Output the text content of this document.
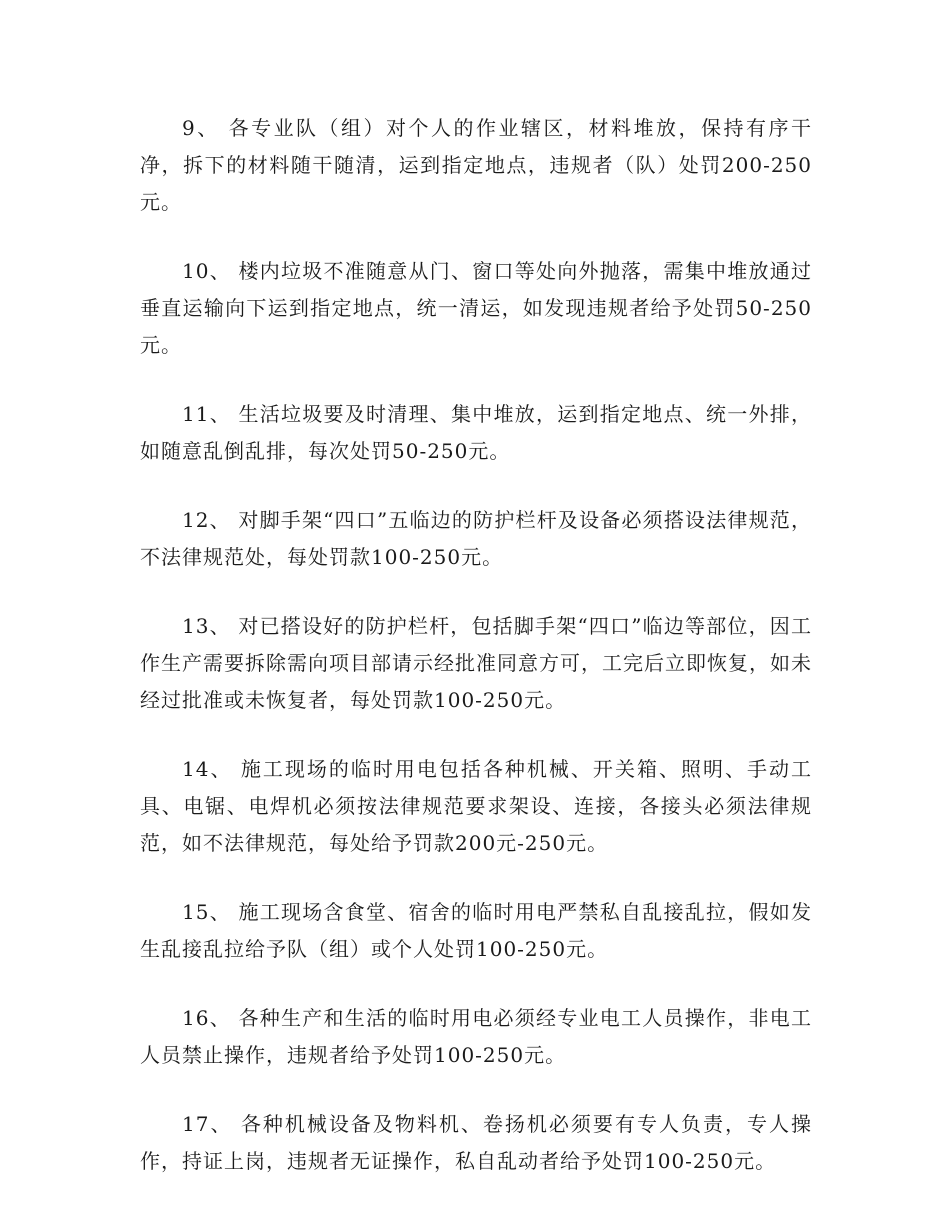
9、 各专业队（组）对个人的作业辖区，材料堆放，保持有序干净，拆下的材料随干随清，运到指定地点，违规者（队）处罚200-250元。

10、 楼内垃圾不准随意从门、窗口等处向外抛落，需集中堆放通过垂直运输向下运到指定地点，统一清运，如发现违规者给予处罚50-250元。

11、 生活垃圾要及时清理、集中堆放，运到指定地点、统一外排，如随意乱倒乱排，每次处罚50-250元。

12、 对脚手架“四口”五临边的防护栏杆及设备必须搭设法律规范，不法律规范处，每处罚款100-250元。

13、 对已搭设好的防护栏杆，包括脚手架“四口”临边等部位，因工作生产需要拆除需向项目部请示经批准同意方可，工完后立即恢复，如未经过批准或未恢复者，每处罚款100-250元。

14、 施工现场的临时用电包括各种机械、开关箱、照明、手动工具、电锯、电焊机必须按法律规范要求架设、连接，各接头必须法律规范，如不法律规范，每处给予罚款200元-250元。

15、 施工现场含食堂、宿舍的临时用电严禁私自乱接乱拉，假如发生乱接乱拉给予队（组）或个人处罚100-250元。

16、 各种生产和生活的临时用电必须经专业电工人员操作，非电工人员禁止操作，违规者给予处罚100-250元。

17、 各种机械设备及物料机、卷扬机必须要有专人负责，专人操作，持证上岗，违规者无证操作，私自乱动者给予处罚100-250元。
